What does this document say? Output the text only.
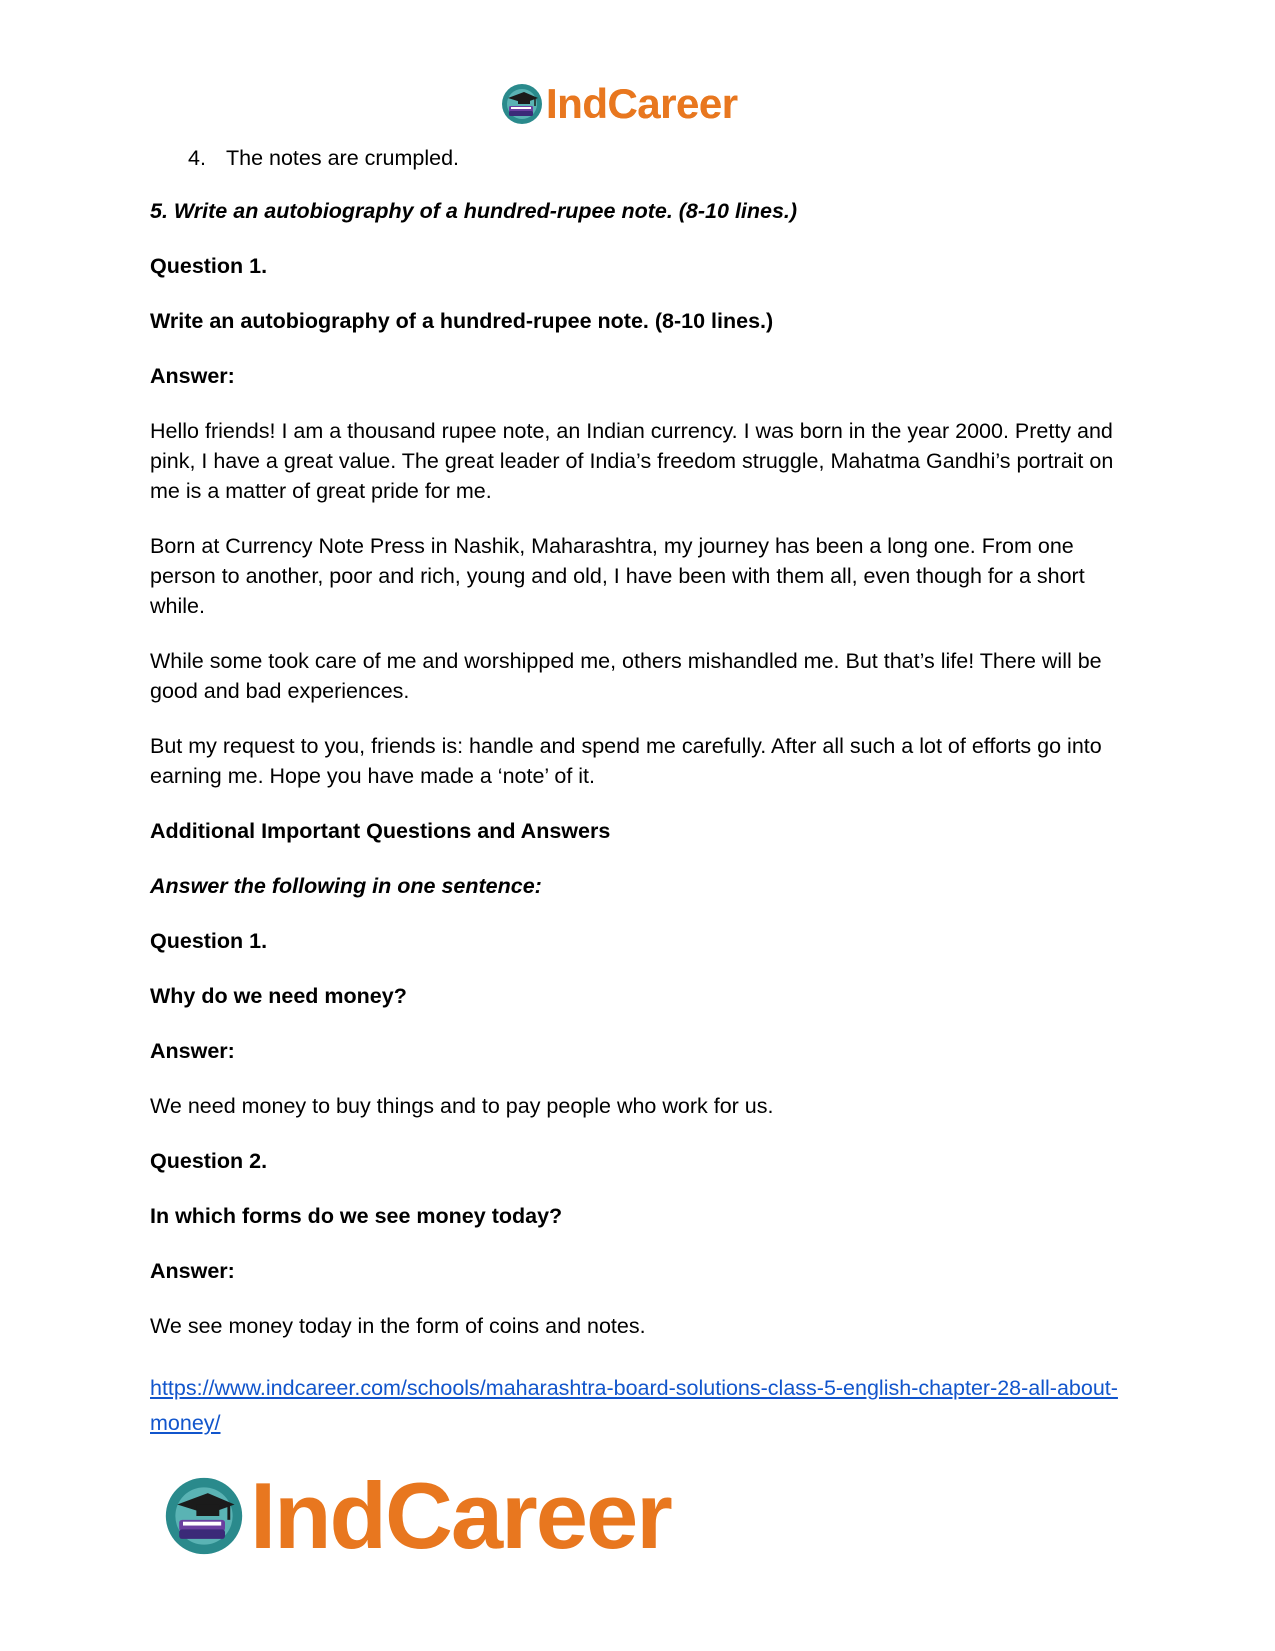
IndCareer
4. The notes are crumpled.

5. Write an autobiography of a hundred-rupee note. (8-10 lines.)

Question 1.

Write an autobiography of a hundred-rupee note. (8-10 lines.)

Answer:

Hello friends! I am a thousand rupee note, an Indian currency. I was born in the year 2000. Pretty and pink, I have a great value. The great leader of India’s freedom struggle, Mahatma Gandhi’s portrait on me is a matter of great pride for me.

Born at Currency Note Press in Nashik, Maharashtra, my journey has been a long one. From one person to another, poor and rich, young and old, I have been with them all, even though for a short while.

While some took care of me and worshipped me, others mishandled me. But that’s life! There will be good and bad experiences.

But my request to you, friends is: handle and spend me carefully. After all such a lot of efforts go into earning me. Hope you have made a ‘note’ of it.

Additional Important Questions and Answers

Answer the following in one sentence:

Question 1.

Why do we need money?

Answer:

We need money to buy things and to pay people who work for us.

Question 2.

In which forms do we see money today?

Answer:

We see money today in the form of coins and notes.

https://www.indcareer.com/schools/maharashtra-board-solutions-class-5-english-chapter-28-all-about-money/
IndCareer
